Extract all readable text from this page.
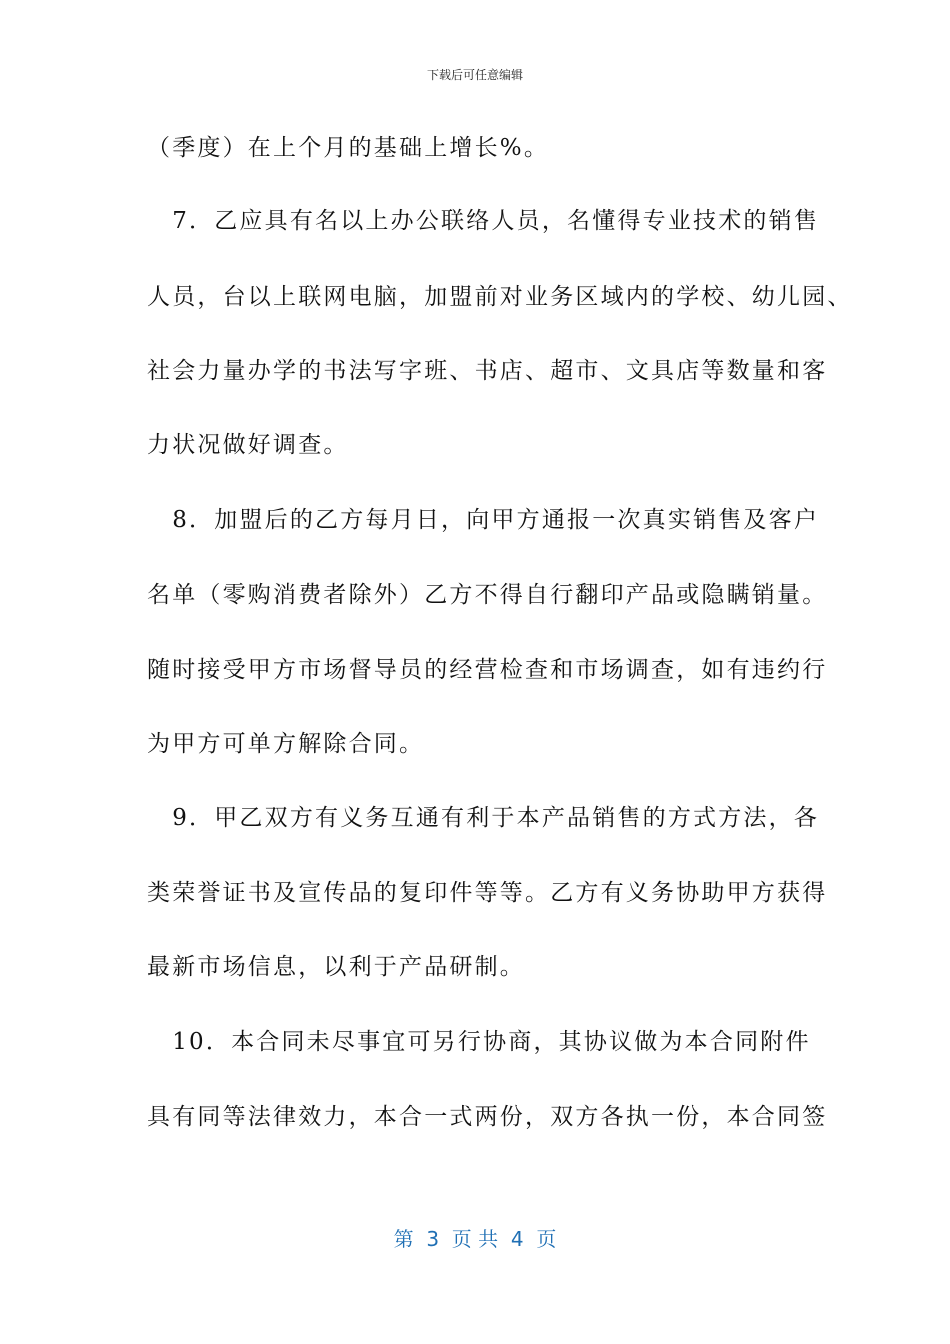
下载后可任意编辑
（季度）在上个月的基础上增长%。
　7．乙应具有名以上办公联络人员，名懂得专业技术的销售
人员，台以上联网电脑，加盟前对业务区域内的学校、幼儿园、
社会力量办学的书法写字班、书店、超市、文具店等数量和客
力状况做好调查。
　8．加盟后的乙方每月日，向甲方通报一次真实销售及客户
名单（零购消费者除外）乙方不得自行翻印产品或隐瞒销量。
随时接受甲方市场督导员的经营检查和市场调查，如有违约行
为甲方可单方解除合同。
　9．甲乙双方有义务互通有利于本产品销售的方式方法，各
类荣誉证书及宣传品的复印件等等。乙方有义务协助甲方获得
最新市场信息，以利于产品研制。
　10．本合同未尽事宜可另行协商，其协议做为本合同附件
具有同等法律效力，本合一式两份，双方各执一份，本合同签
第  3  页 共  4  页
